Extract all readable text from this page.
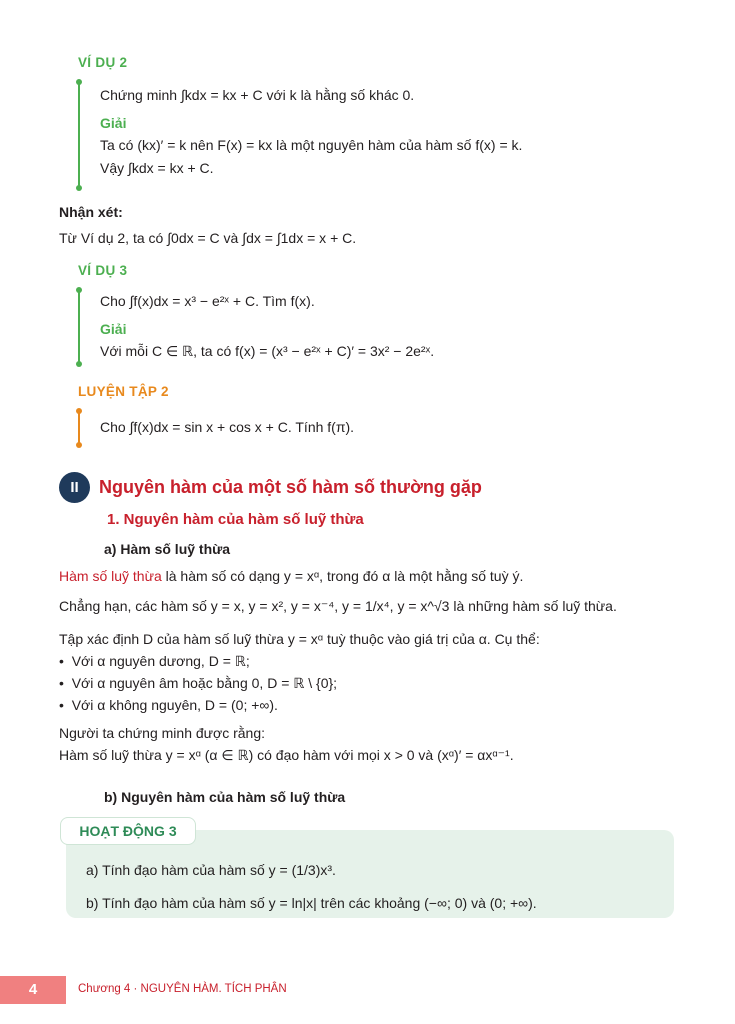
VÍ DỤ 2
Chứng minh ∫kdx = kx + C với k là hằng số khác 0.
Giải
Ta có (kx)′ = k nên F(x) = kx là một nguyên hàm của hàm số f(x) = k.
Vậy ∫kdx = kx + C.
Nhận xét:
Từ Ví dụ 2, ta có ∫0dx = C và ∫dx = ∫1dx = x + C.
VÍ DỤ 3
Cho ∫f(x)dx = x³ − e²ˣ + C. Tìm f(x).
Giải
Với mỗi C ∈ ℝ, ta có f(x) = (x³ − e²ˣ + C)′ = 3x² − 2e²ˣ.
LUYỆN TẬP 2
Cho ∫f(x)dx = sin x + cos x + C. Tính f(π).
II	Nguyên hàm của một số hàm số thường gặp
1. Nguyên hàm của hàm số luỹ thừa
a) Hàm số luỹ thừa
Hàm số luỹ thừa là hàm số có dạng y = xᵅ, trong đó α là một hằng số tuỳ ý.
Chẳng hạn, các hàm số y = x, y = x², y = x⁻⁴, y = 1/x⁴, y = x^√3 là những hàm số luỹ thừa.
Tập xác định D của hàm số luỹ thừa y = xᵅ tuỳ thuộc vào giá trị của α. Cụ thể:
•  Với α nguyên dương, D = ℝ;
•  Với α nguyên âm hoặc bằng 0, D = ℝ \ {0};
•  Với α không nguyên, D = (0; +∞).
Người ta chứng minh được rằng:
Hàm số luỹ thừa y = xᵅ (α ∈ ℝ) có đạo hàm với mọi x > 0 và (xᵅ)′ = αxᵅ⁻¹.
b) Nguyên hàm của hàm số luỹ thừa
HOẠT ĐỘNG 3
a) Tính đạo hàm của hàm số y = (1/3)x³.
b) Tính đạo hàm của hàm số y = ln|x| trên các khoảng (−∞; 0) và (0; +∞).
4	Chương 4 · NGUYÊN HÀM. TÍCH PHÂN
